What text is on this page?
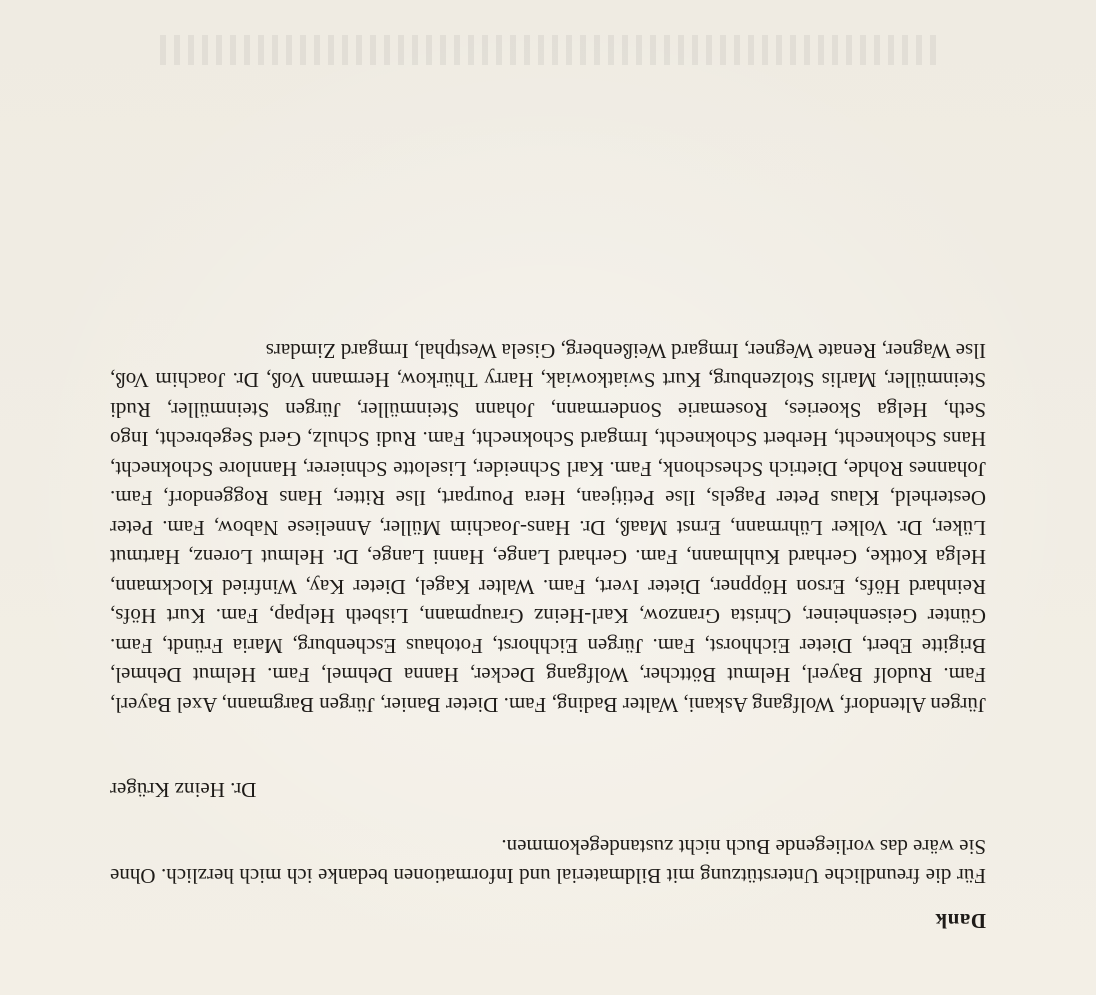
Dank

Für die freundliche Unterstützung mit Bildmaterial und Informationen bedanke ich mich herzlich. Ohne Sie wäre das vorliegende Buch nicht zustandegekommen.

Dr. Heinz Krüger

Jürgen Altendorf, Wolfgang Askani, Walter Bading, Fam. Dieter Banier, Jürgen Bargmann, Axel Bayerl, Fam. Rudolf Bayerl, Helmut Böttcher, Wolfgang Decker, Hanna Dehmel, Fam. Helmut Dehmel, Brigitte Ebert, Dieter Eichhorst, Fam. Jürgen Eichhorst, Fotohaus Eschenburg, Maria Fründt, Fam. Günter Geisenheiner, Christa Granzow, Karl-Heinz Graupmann, Lisbeth Helpap, Fam. Kurt Höfs, Reinhard Höfs, Erson Höppner, Dieter Ivert, Fam. Walter Kagel, Dieter Kay, Winfried Klockmann, Helga Kottke, Gerhard Kuhlmann, Fam. Gerhard Lange, Hanni Lange, Dr. Helmut Lorenz, Hartmut Lüker, Dr. Volker Lührmann, Ernst Maaß, Dr. Hans-Joachim Müller, Anneliese Nabow, Fam. Peter Oesterheld, Klaus Peter Pagels, Ilse Petitjean, Hera Pourpart, Ilse Ritter, Hans Roggendorf, Fam. Johannes Rohde, Dietrich Scheschonk, Fam. Karl Schneider, Liselotte Schnierer, Hannlore Schoknecht, Hans Schoknecht, Herbert Schoknecht, Irmgard Schoknecht, Fam. Rudi Schulz, Gerd Segebrecht, Ingo Seth, Helga Skoeries, Rosemarie Sondermann, Johann Steinmüller, Jürgen Steinmüller, Rudi Steinmüller, Marlis Stolzenburg, Kurt Swiatkowiak, Harry Thürkow, Hermann Voß, Dr. Joachim Voß, Ilse Wagner, Renate Wegner, Irmgard Weißenberg, Gisela Westphal, Irmgard Zimdars
